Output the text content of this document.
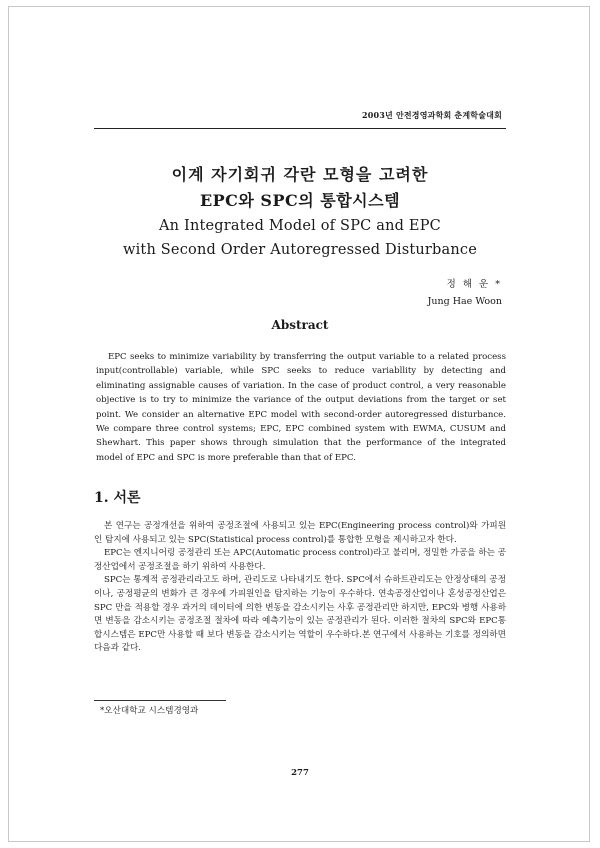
2003년 안전경영과학회 춘계학술대회
이계 자기회귀 각란 모형을 고려한
EPC와 SPC의 통합시스템
An Integrated Model of SPC and EPC
with Second Order Autoregressed Disturbance
정 해 운 *
Jung Hae Woon
Abstract
EPC seeks to minimize variability by transferring the output variable to a related process input(controllable) variable, while SPC seeks to reduce variabllity by detecting and eliminating assignable causes of variation. In the case of product control, a very reasonable objective is to try to minimize the variance of the output deviations from the target or set point. We consider an alternative EPC model with second-order autoregressed disturbance. We compare three control systems; EPC, EPC combined system with EWMA, CUSUM and Shewhart. This paper shows through simulation that the performance of the integrated model of EPC and SPC is more preferable than that of EPC.
1. 서론

본 연구는 공정개선을 위하여 공정조절에 사용되고 있는 EPC(Engineering process control)와 가피원인 탐지에 사용되고 있는 SPC(Statistical process control)를 통합한 모형을 제시하고자 한다.

EPC는 엔지니어링 공정관리 또는 APC(Automatic process control)라고 불리며, 정밀한 가공을 하는 공정산업에서 공정조절을 하기 위하여 사용한다.

SPC는 통계적 공정관리라고도 하며, 관리도로 나타내기도 한다. SPC에서 슈하트관리도는 안정상태의 공정이나, 공정평균의 변화가 큰 경우에 가피원인을 탐지하는 기능이 우수하다. 연속공정산업이나 혼성공정산업은 SPC 만을 적용할 경우 과거의 데이터에 의한 변동을 감소시키는 사후 공정관리만 하지만, EPC와 병행 사용하면 변동을 감소시키는 공정조절 절차에 따라 예측기능이 있는 공정관리가 된다. 이러한 절차의 SPC와 EPC통합시스템은 EPC만 사용할 때 보다 변동을 감소시키는 역할이 우수하다.본 연구에서 사용하는 기호를 정의하면 다음과 같다.

*오산대학교 시스템경영과
277
